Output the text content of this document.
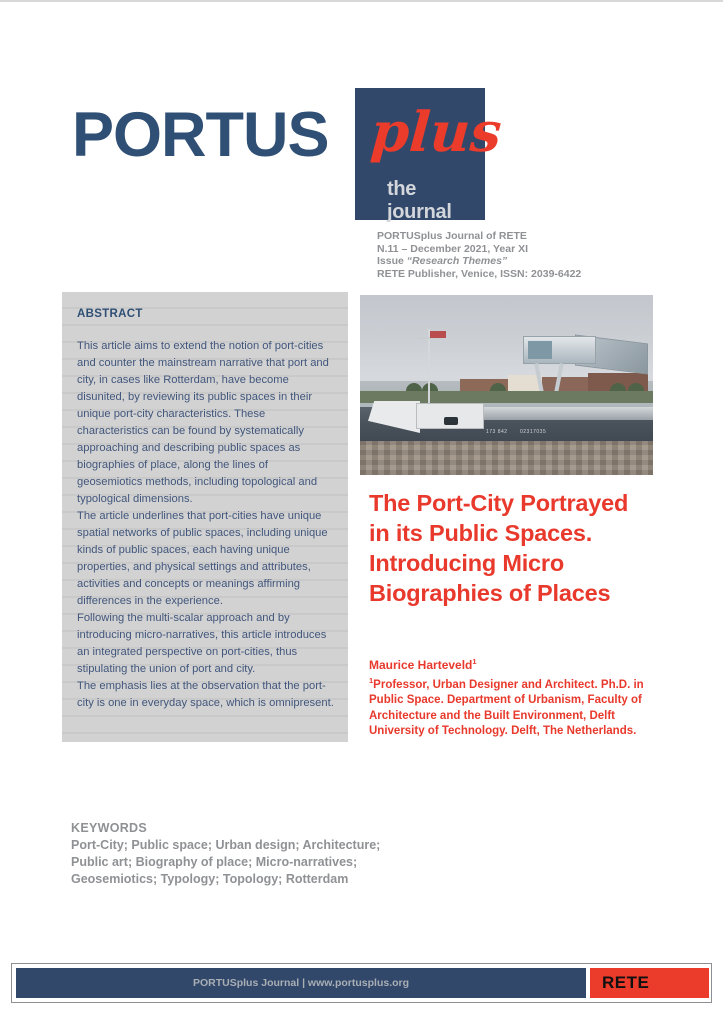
PORTUS plus
the journal
PORTUSplus Journal of RETE
N.11 – December 2021, Year XI
Issue “Research Themes”
RETE Publisher, Venice, ISSN: 2039-6422
ABSTRACT

This article aims to extend the notion of port-cities and counter the mainstream narrative that port and city, in cases like Rotterdam, have become disunited, by reviewing its public spaces in their unique port-city characteristics. These characteristics can be found by systematically approaching and describing public spaces as biographies of place, along the lines of geosemiotics methods, including topological and typological dimensions.

The article underlines that port-cities have unique spatial networks of public spaces, including unique kinds of public spaces, each having unique properties, and physical settings and attributes, activities and concepts or meanings affirming differences in the experience.

Following the multi-scalar approach and by introducing micro-narratives, this article introduces an integrated perspective on port-cities, thus stipulating the union of port and city.

The emphasis lies at the observation that the port-city is one in everyday space, which is omnipresent.

173 842 02317035
The Port-City Portrayed in its Public Spaces. Introducing Micro Biographies of Places
Maurice Harteveld$^1$
$^1$Professor, Urban Designer and Architect. Ph.D. in Public Space. Department of Urbanism, Faculty of Architecture and the Built Environment, Delft University of Technology. Delft, The Netherlands.
KEYWORDS
Port-City; Public space; Urban design; Architecture;
Public art; Biography of place; Micro-narratives;
Geosemiotics; Typology; Topology; Rotterdam
PORTUSplus Journal | www.portusplus.org	RETE
